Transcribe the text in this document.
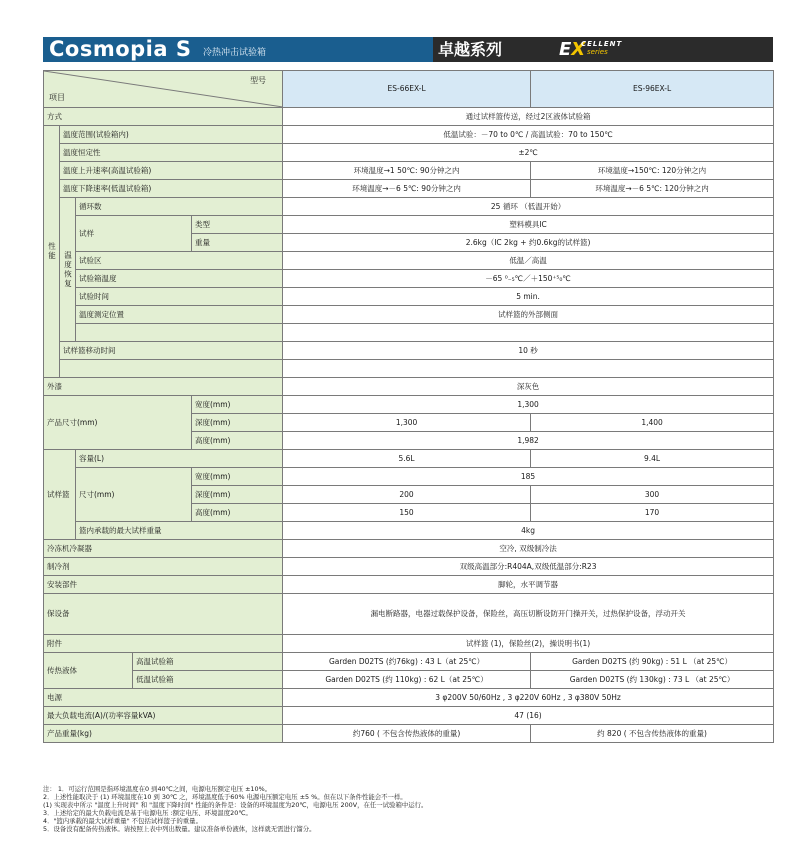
Cosmopia S 冷热冲击试验箱	卓越系列	EX
CELLENT
series
型号
项目					ES-66EX-L	ES-96EX-L
方式					通过试样篮传送，经过2区液体试验箱	
性能	温度范围(试验箱内)				低温试验：－70 to 0℃ / 高温试验：70 to 150℃	
	温度恒定性				±2℃	
	温度上升速率(高温试验箱)				环境温度→1 50℃: 90分钟之内	环境温度→150℃: 120分钟之内
	温度下降速率(低温试验箱)				环境温度→－6 5℃: 90分钟之内	环境温度→－6 5℃: 120分钟之内
	温度恢复	循环数			25 循环 （低温开始）	
		试样		类型	塑料模具IC	
				重量	2.6kg（IC 2kg + 约0.6kg的试样篮)	
		试验区			低温／高温	
		试验箱温度			－65 ⁰₋₅℃／＋150⁺⁵₀℃	
		试验时间			5 min.	
		温度测定位置			试样篮的外部侧面	

	试样篮移动时间				10 秒	

外漆					深灰色	
产品尺寸(mm)				宽度(mm)	1,300	
				深度(mm)	1,300	1,400
				高度(mm)	1,982	
试样篮		容量(L)			5.6L	9.4L
		尺寸(mm)		宽度(mm)	185	
				深度(mm)	200	300
				高度(mm)	150	170
		篮内承载的最大试样重量			4kg	
冷冻机冷凝器					空冷, 双级制冷法	
制冷剂					双级高温部分:R404A,双级低温部分:R23	
安装部件					脚轮，水平调节器	
保设备					漏电断路器，电器过载保护设备，保险丝，高压切断设防开门操开关，过热保护设备，浮动开关	
附件					试样篮 (1)，保险丝(2)，操说明书(1)	
传热液体			高温试验箱		Garden D02TS (约76kg) : 43 L（at 25℃）	Garden D02TS (约 90kg) : 51 L （at 25℃）
			低温试验箱		Garden D02TS (约 110kg) : 62 L（at 25℃）	Garden D02TS (约 130kg) : 73 L （at 25℃）
电源					3 φ200V 50/60Hz , 3 φ220V 60Hz , 3 φ380V 50Hz	
最大负载电流(A)/(功率容量kVA)					47 (16)	
产品重量(kg)					约760 ( 不包含传热液体的重量)	约 820 ( 不包含传热液体的重量)
注： 1．可运行范围是指环境温度在0 到40℃之间，电源电压额定电压 ±10%。
2．上述性能取决于 (1) 环境温度在10 到 30℃ 之，环境温度低于60% 电源电压额定电压 ±5 %。但在以下条件性能会不一样。
(1) 实现表中所示 "温度上升时间" 和 "温度下降时间" 性能的条件是：设备的环境温度为20℃，电源电压 200V，在任一试验箱中运行。
3．上述给定的最大负载电流是基于电源电压 :额定电压、环境温度20℃。
4．"篮内承载的最大试样重量" 不包括试样篮子的重量。
5．设备没有配备传热液体。请按照上表中列出数量。建议准备单份液体，这样就无需进行馏分。
